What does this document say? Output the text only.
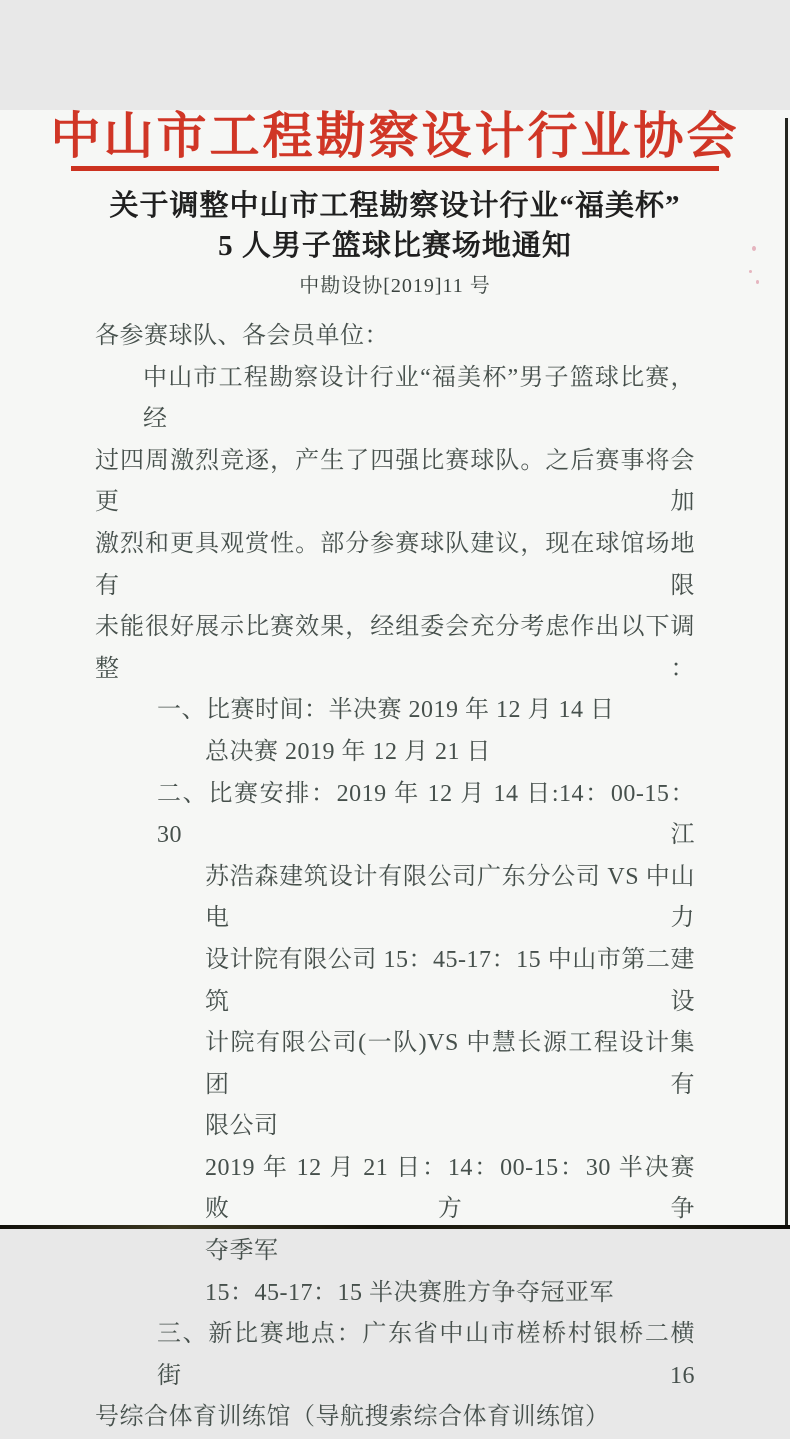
中山市工程勘察设计行业协会
关于调整中山市工程勘察设计行业“福美杯”
5 人男子篮球比赛场地通知
中勘设协[2019]11 号
各参赛球队、各会员单位：
中山市工程勘察设计行业“福美杯”男子篮球比赛，经
过四周激烈竞逐，产生了四强比赛球队。之后赛事将会更加
激烈和更具观赏性。部分参赛球队建议，现在球馆场地有限
未能很好展示比赛效果，经组委会充分考虑作出以下调整：
一、比赛时间：半决赛 2019 年 12 月 14 日
总决赛 2019 年 12 月 21 日
二、比赛安排：2019 年 12 月 14 日:14：00-15：30 江
苏浩森建筑设计有限公司广东分公司 VS 中山电力
设计院有限公司 15：45-17：15 中山市第二建筑设
计院有限公司(一队)VS 中慧长源工程设计集团有
限公司
2019 年 12 月 21 日：14：00-15：30 半决赛败方争
夺季军
15：45-17：15 半决赛胜方争夺冠亚军
三、新比赛地点：广东省中山市槎桥村银桥二横街 16
号综合体育训练馆（导航搜索综合体育训练馆）
